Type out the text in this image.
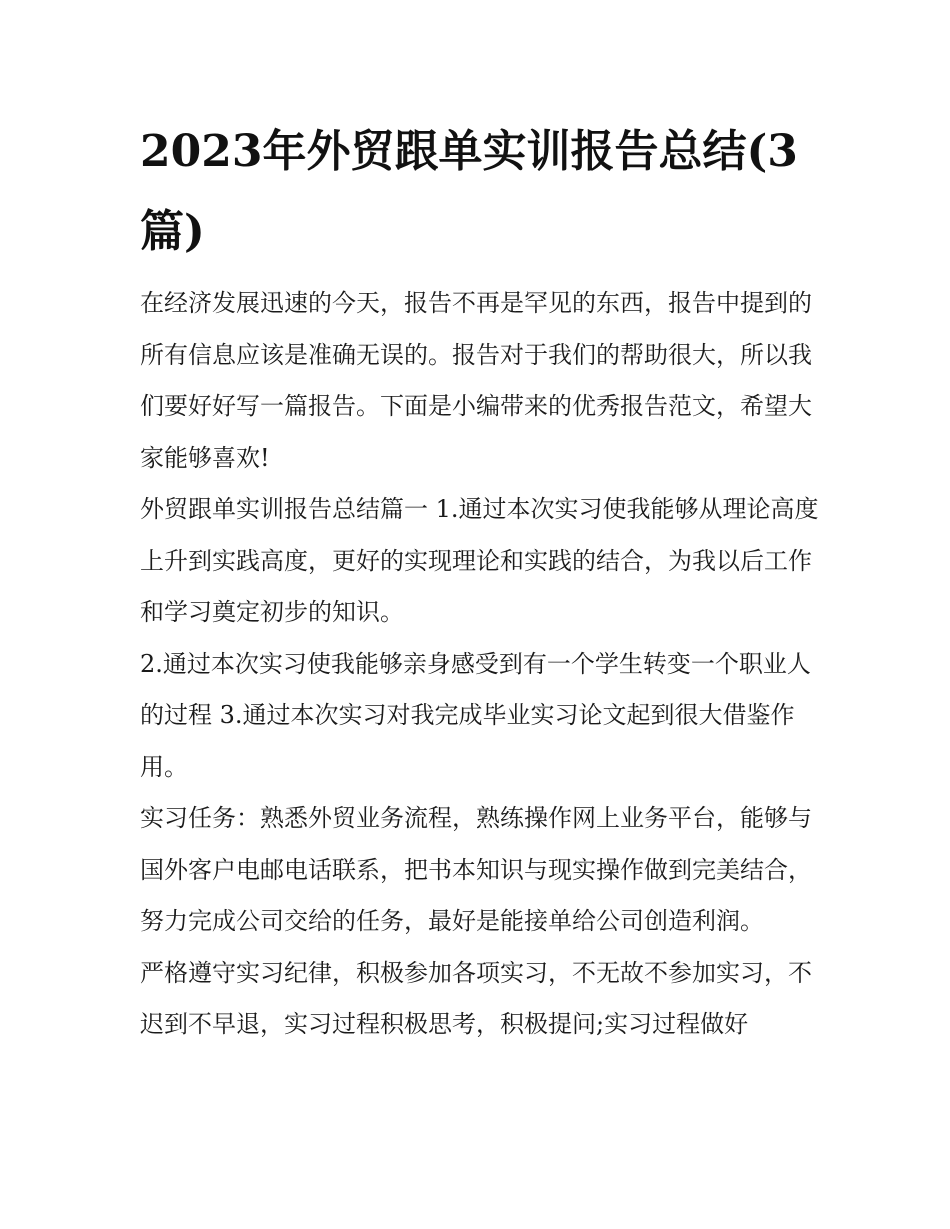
2023年外贸跟单实训报告总结(3篇)

在经济发展迅速的今天，报告不再是罕见的东西，报告中提到的所有信息应该是准确无误的。报告对于我们的帮助很大，所以我们要好好写一篇报告。下面是小编带来的优秀报告范文，希望大家能够喜欢!

外贸跟单实训报告总结篇一 1.通过本次实习使我能够从理论高度上升到实践高度，更好的实现理论和实践的结合，为我以后工作和学习奠定初步的知识。

2.通过本次实习使我能够亲身感受到有一个学生转变一个职业人的过程 3.通过本次实习对我完成毕业实习论文起到很大借鉴作用。

实习任务：熟悉外贸业务流程，熟练操作网上业务平台，能够与国外客户电邮电话联系，把书本知识与现实操作做到完美结合，努力完成公司交给的任务，最好是能接单给公司创造利润。

严格遵守实习纪律，积极参加各项实习，不无故不参加实习，不迟到不早退，实习过程积极思考，积极提问;实习过程做好
